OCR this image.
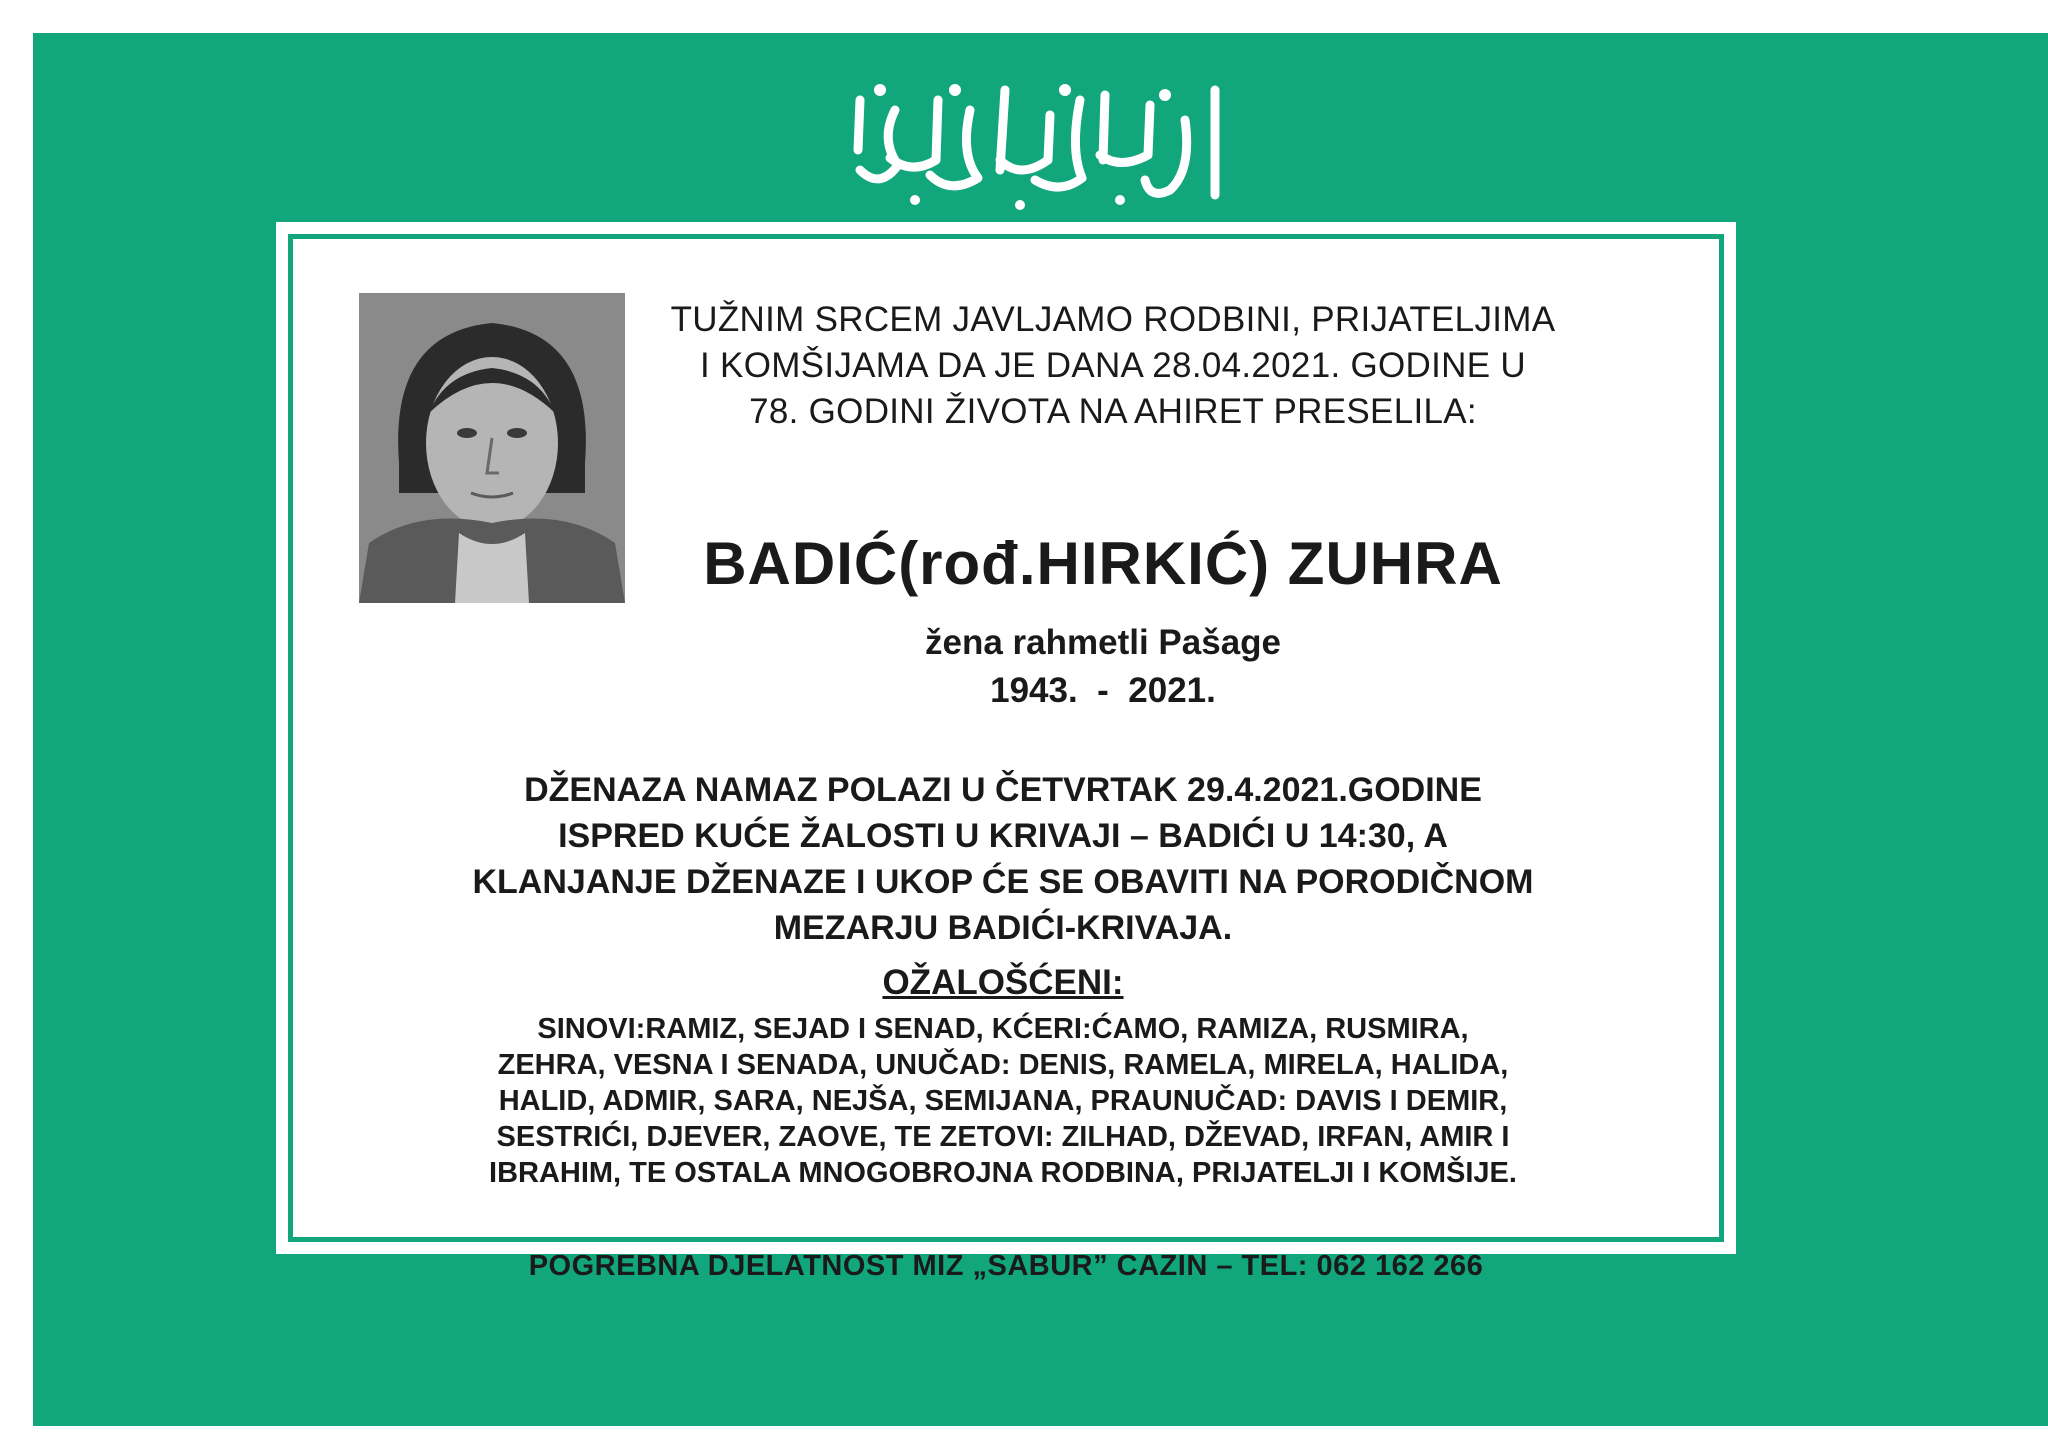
TUŽNIM SRCEM JAVLJAMO RODBINI, PRIJATELJIMA
I KOMŠIJAMA DA JE DANA 28.04.2021. GODINE U
78. GODINI ŽIVOTA NA AHIRET PRESELILA:
BADIĆ(rođ.HIRKIĆ) ZUHRA
žena rahmetli Pašage
1943.  -  2021.
DŽENAZA NAMAZ POLAZI U ČETVRTAK 29.4.2021.GODINE
ISPRED KUĆE ŽALOSTI U KRIVAJI – BADIĆI U 14:30, A
KLANJANJE DŽENAZE I UKOP ĆE SE OBAVITI NA PORODIČNOM
MEZARJU BADIĆI-KRIVAJA.
OŽALOŠĆENI:
SINOVI:RAMIZ, SEJAD I SENAD, KĆERI:ĆAMO, RAMIZA, RUSMIRA,
ZEHRA, VESNA I SENADA, UNUČAD: DENIS, RAMELA, MIRELA, HALIDA,
HALID, ADMIR, SARA, NEJŠA, SEMIJANA, PRAUNUČAD: DAVIS I DEMIR,
SESTRIĆI, DJEVER, ZAOVE, TE ZETOVI: ZILHAD, DŽEVAD, IRFAN, AMIR I
IBRAHIM, TE OSTALA MNOGOBROJNA RODBINA, PRIJATELJI I KOMŠIJE.
POGREBNA DJELATNOST MIZ „SABUR” CAZIN – TEL: 062 162 266
